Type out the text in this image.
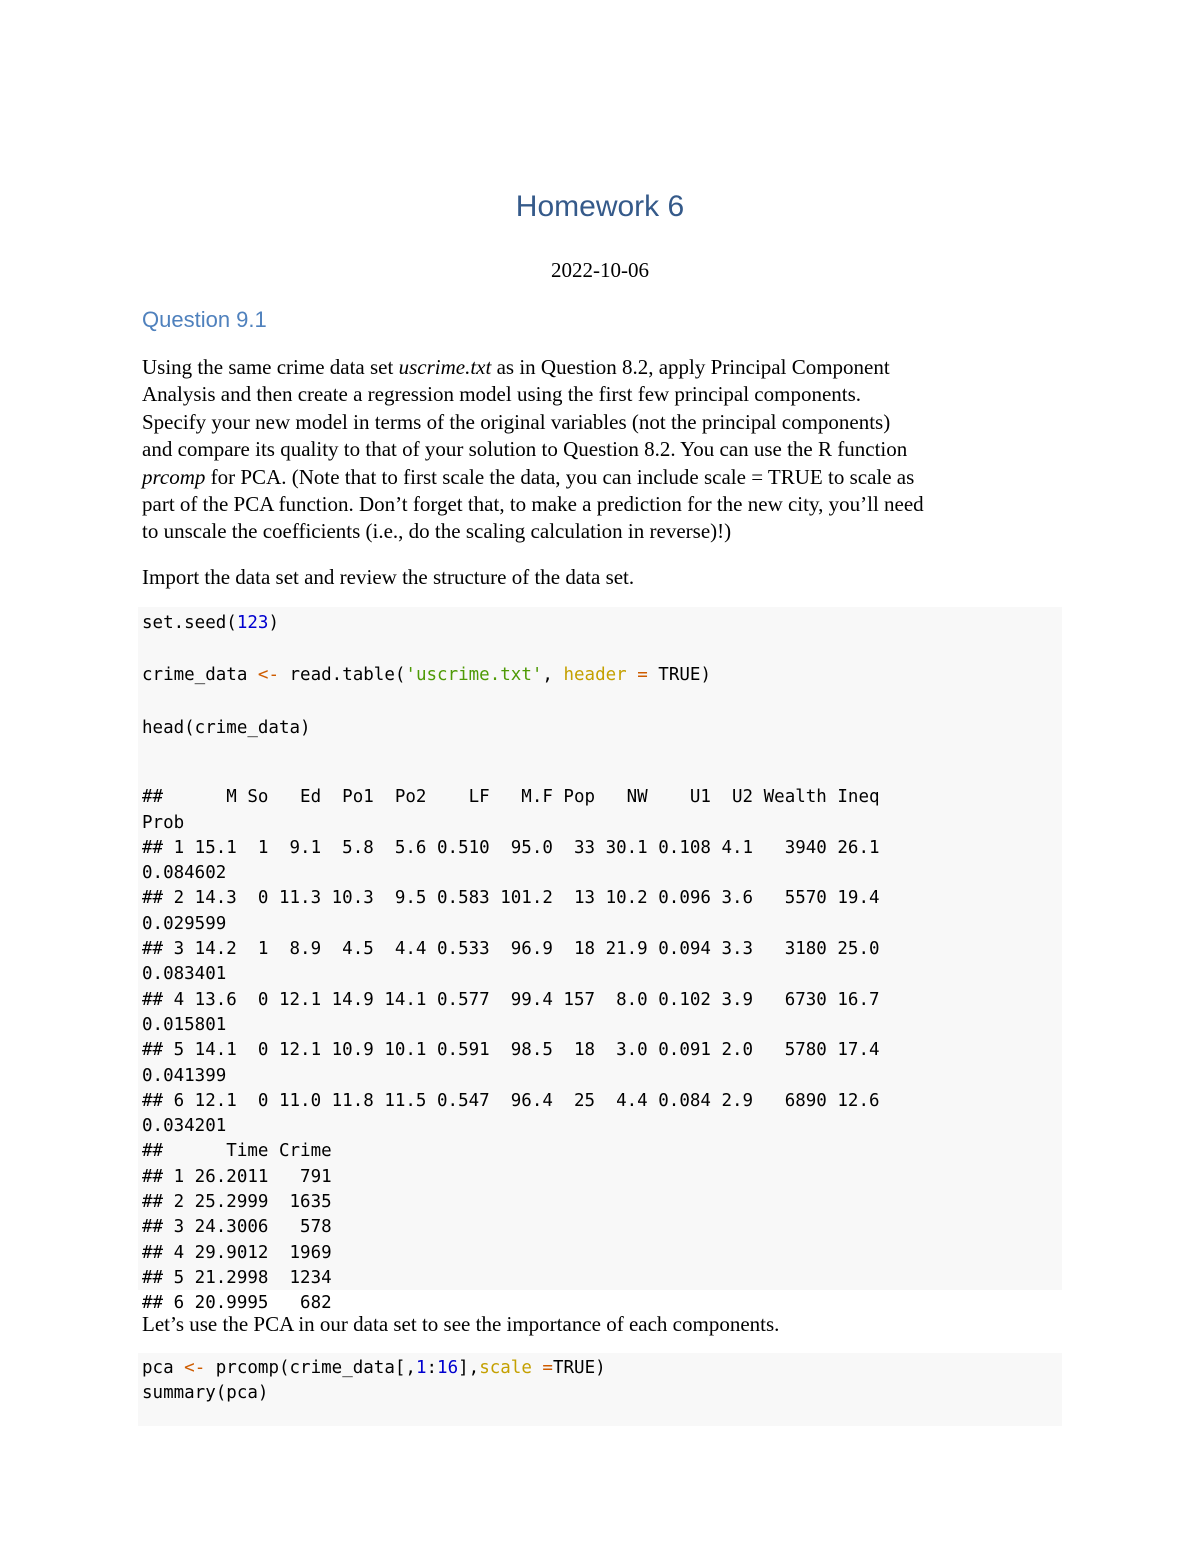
Homework 6
2022-10-06
Question 9.1
Using the same crime data set uscrime.txt as in Question 8.2, apply Principal Component
Analysis and then create a regression model using the first few principal components.
Specify your new model in terms of the original variables (not the principal components)
and compare its quality to that of your solution to Question 8.2. You can use the R function
prcomp for PCA. (Note that to first scale the data, you can include scale = TRUE to scale as
part of the PCA function. Don’t forget that, to make a prediction for the new city, you’ll need
to unscale the coefficients (i.e., do the scaling calculation in reverse)!)
Import the data set and review the structure of the data set.
set.seed(123)
crime_data <- read.table('uscrime.txt', header = TRUE)
head(crime_data)

##      M So   Ed  Po1  Po2    LF   M.F Pop   NW    U1  U2 Wealth Ineq
Prob
## 1 15.1  1  9.1  5.8  5.6 0.510  95.0  33 30.1 0.108 4.1   3940 26.1
0.084602
## 2 14.3  0 11.3 10.3  9.5 0.583 101.2  13 10.2 0.096 3.6   5570 19.4
0.029599
## 3 14.2  1  8.9  4.5  4.4 0.533  96.9  18 21.9 0.094 3.3   3180 25.0
0.083401
## 4 13.6  0 12.1 14.9 14.1 0.577  99.4 157  8.0 0.102 3.9   6730 16.7
0.015801
## 5 14.1  0 12.1 10.9 10.1 0.591  98.5  18  3.0 0.091 2.0   5780 17.4
0.041399
## 6 12.1  0 11.0 11.8 11.5 0.547  96.4  25  4.4 0.084 2.9   6890 12.6
0.034201
##      Time Crime
## 1 26.2011   791
## 2 25.2999  1635
## 3 24.3006   578
## 4 29.9012  1969
## 5 21.2998  1234
## 6 20.9995   682
Let’s use the PCA in our data set to see the importance of each components.
pca <- prcomp(crime_data[,1:16],scale =TRUE)
summary(pca)
